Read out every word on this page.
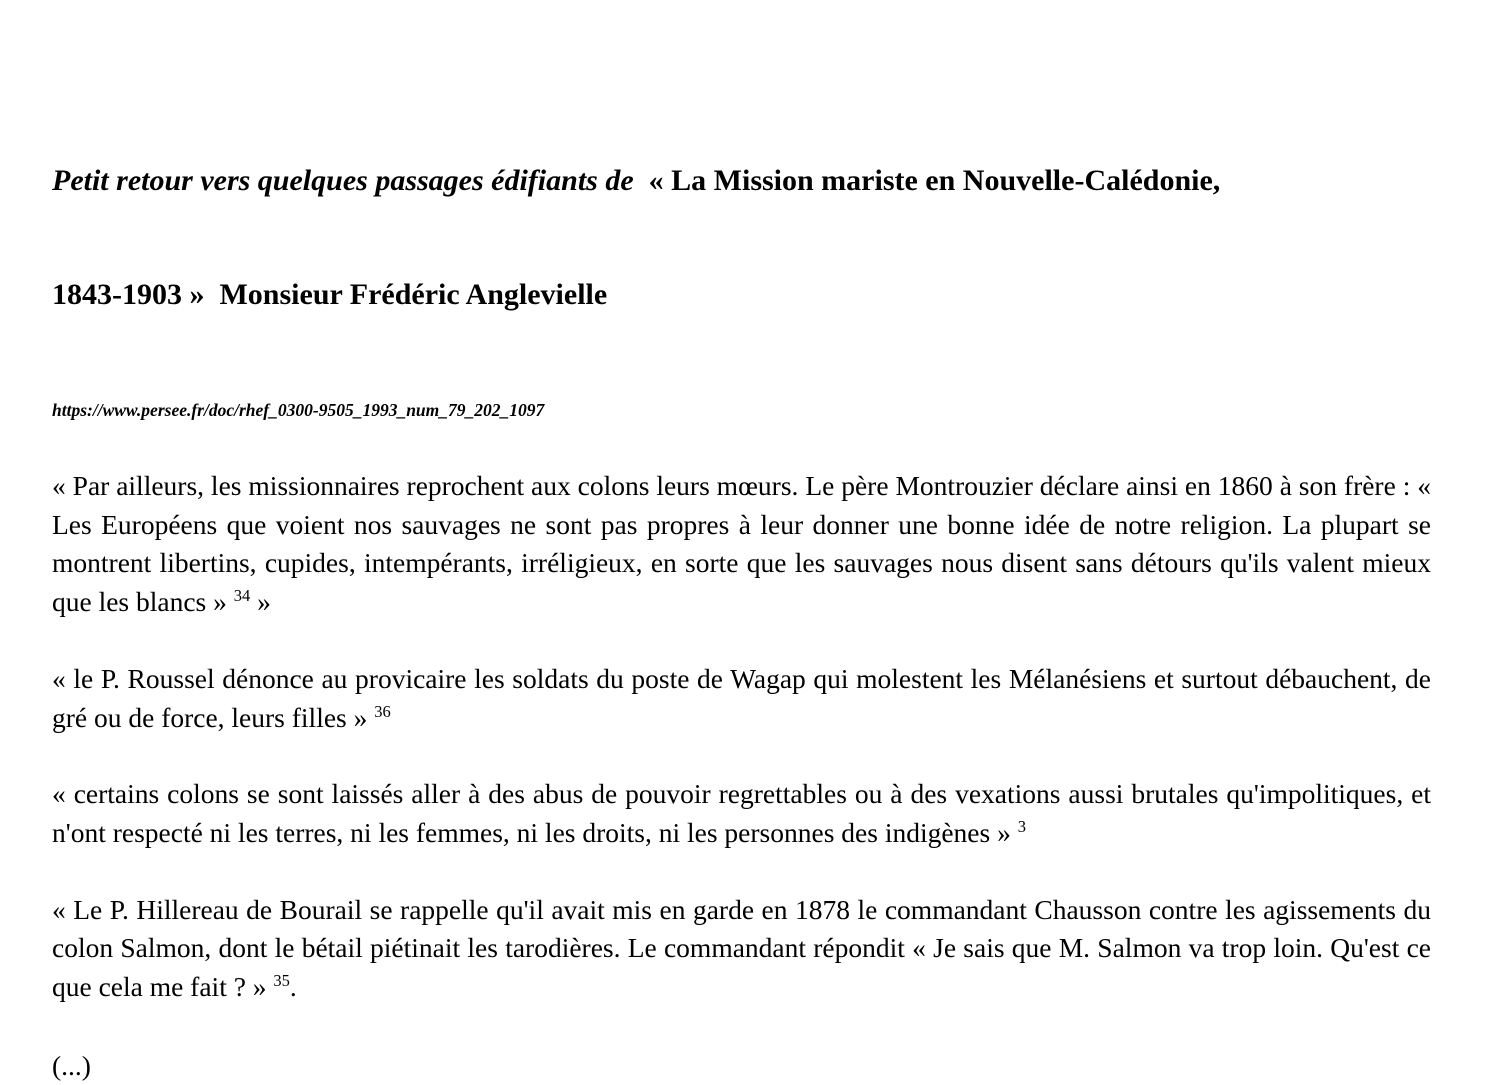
Petit retour vers quelques passages édifiants de  « La Mission mariste en Nouvelle-Calédonie,

1843-1903 »  Monsieur Frédéric Anglevielle

https://www.persee.fr/doc/rhef_0300-9505_1993_num_79_202_1097

« Par ailleurs, les missionnaires reprochent aux colons leurs mœurs. Le père Montrouzier déclare ainsi en 1860 à son frère : « Les Européens que voient nos sauvages ne sont pas propres à leur donner une bonne idée de notre religion. La plupart se montrent libertins, cupides, intempérants, irréligieux, en sorte que les sauvages nous disent sans détours qu'ils valent mieux que les blancs » $^{34}$ »

« le P. Roussel dénonce au provicaire les soldats du poste de Wagap qui molestent les Mélanésiens et surtout débauchent, de gré ou de force, leurs filles » $^{36}$

« certains colons se sont laissés aller à des abus de pouvoir regrettables ou à des vexations aussi brutales qu'impolitiques, et n'ont respecté ni les terres, ni les femmes, ni les droits, ni les personnes des indigènes » $^3$

« Le P. Hillereau de Bourail se rappelle qu'il avait mis en garde en 1878 le commandant Chausson contre les agissements du colon Salmon, dont le bétail piétinait les tarodières. Le commandant répondit « Je sais que M. Salmon va trop loin. Qu'est ce que cela me fait ? » $^{35}$.

(...)
